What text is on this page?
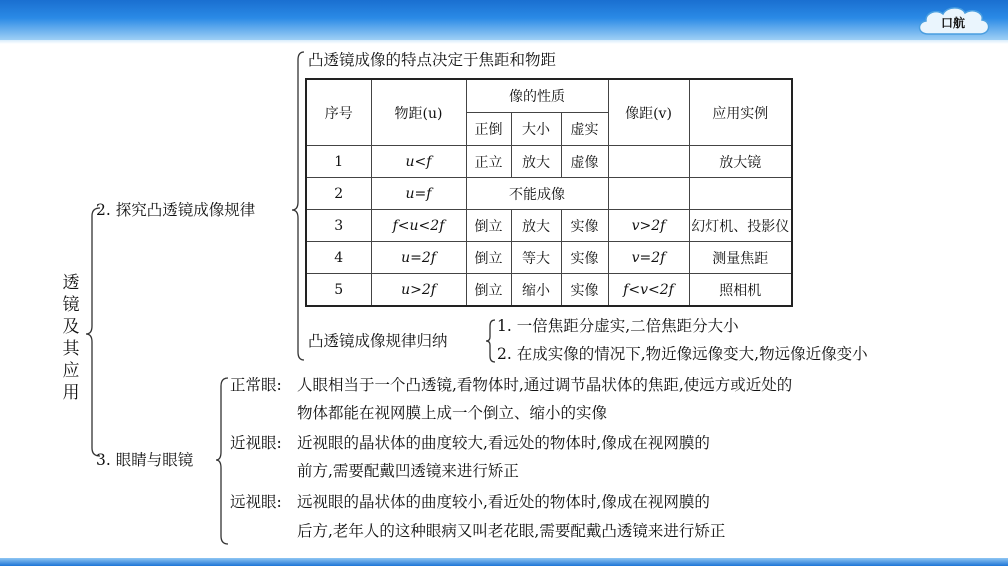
口航
透镜及其应用
2. 探究凸透镜成像规律
凸透镜成像的特点决定于焦距和物距
序号	物距(u)	像的性质			像距(v)	应用实例
		正倒	大小	虚实		
1	u<f	正立	放大	虚像		放大镜
2	u=f	不能成像				
3	f<u<2f	倒立	放大	实像	v>2f	幻灯机、投影仪
4	u=2f	倒立	等大	实像	v=2f	测量焦距
5	u>2f	倒立	缩小	实像	f<v<2f	照相机
凸透镜成像规律归纳
1. 一倍焦距分虚实,二倍焦距分大小
2. 在成实像的情况下,物近像远像变大,物远像近像变小
3. 眼睛与眼镜
正常眼: 人眼相当于一个凸透镜,看物体时,通过调节晶状体的焦距,使远方或近处的
物体都能在视网膜上成一个倒立、缩小的实像
近视眼: 近视眼的晶状体的曲度较大,看远处的物体时,像成在视网膜的
前方,需要配戴凹透镜来进行矫正
远视眼: 远视眼的晶状体的曲度较小,看近处的物体时,像成在视网膜的
后方,老年人的这种眼病又叫老花眼,需要配戴凸透镜来进行矫正
